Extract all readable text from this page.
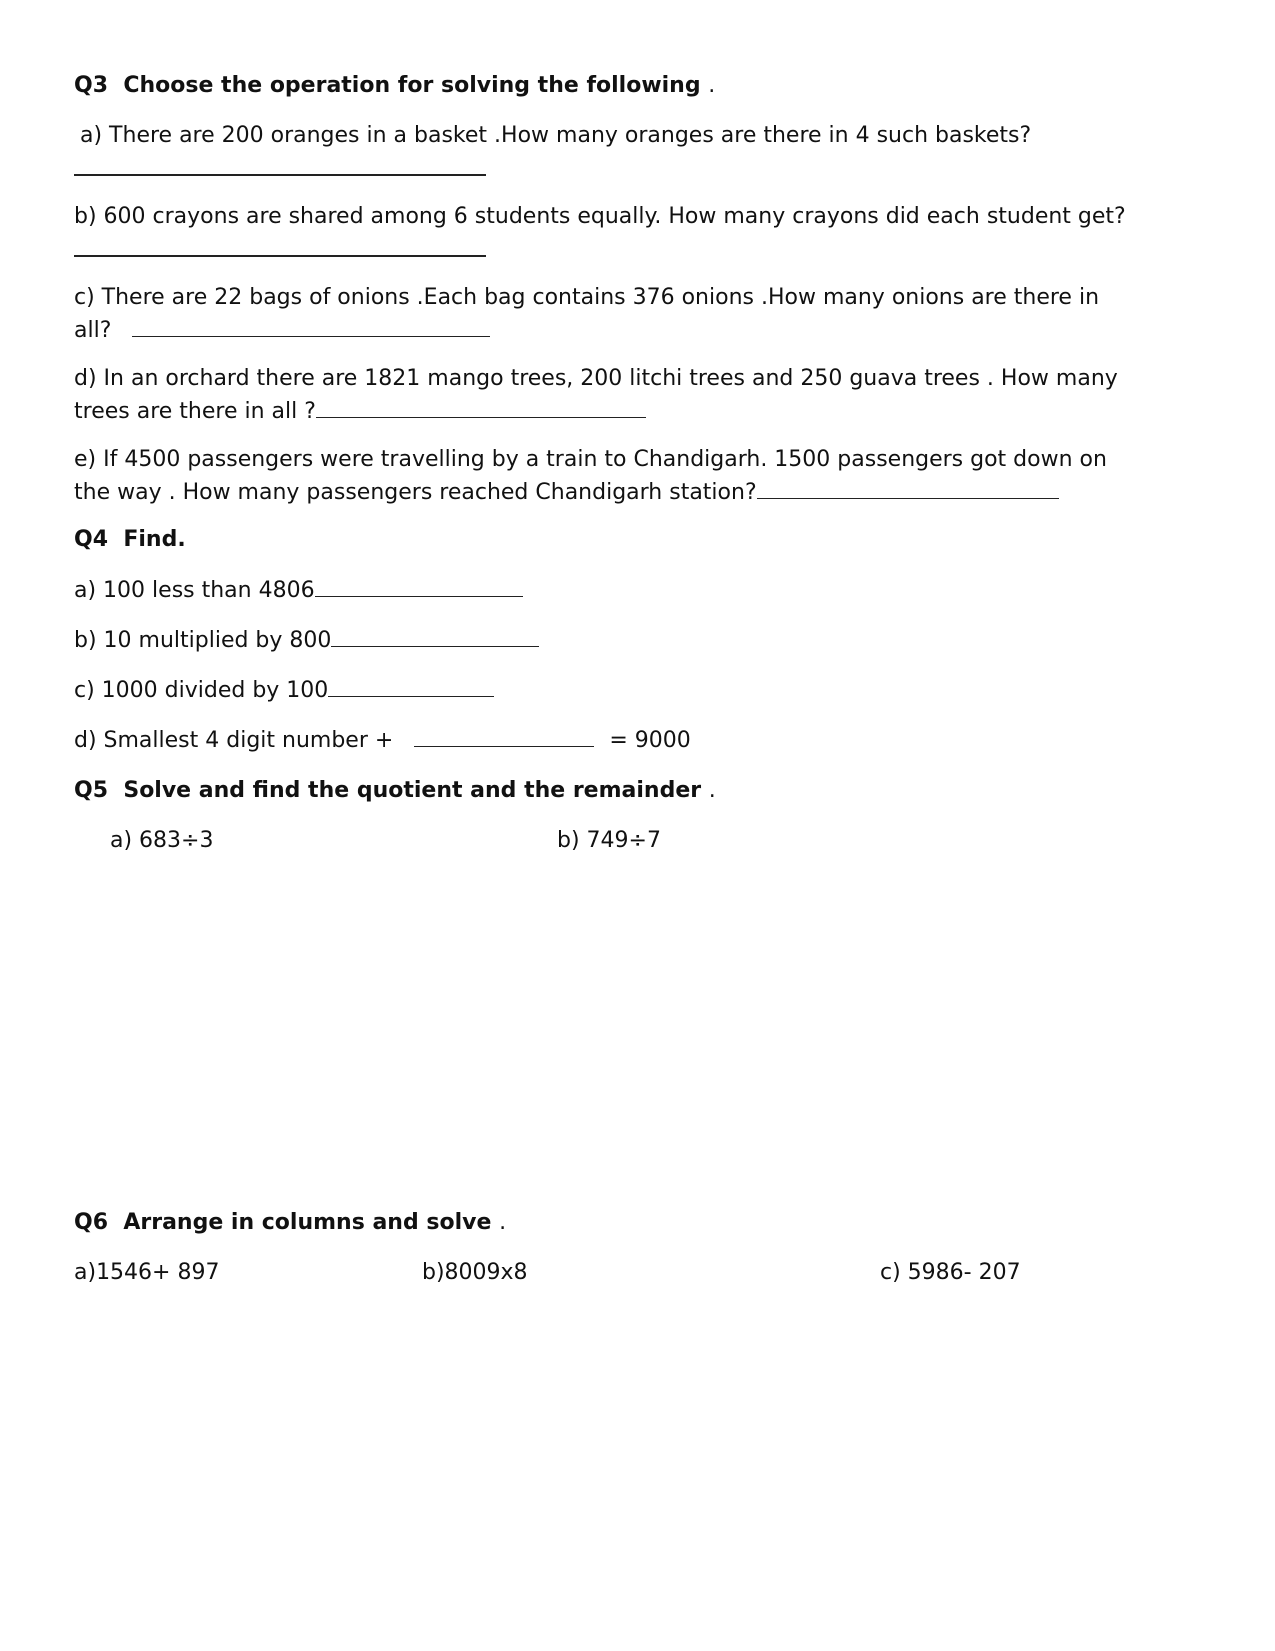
Q3 Choose the operation for solving the following .
a) There are 200 oranges in a basket .How many oranges are there in 4 such baskets?
b) 600 crayons are shared among 6 students equally. How many crayons did each student get?
c) There are 22 bags of onions .Each bag contains 376 onions .How many onions are there in
all?
d) In an orchard there are 1821 mango trees, 200 litchi trees and 250 guava trees . How many
trees are there in all ?
e) If 4500 passengers were travelling by a train to Chandigarh. 1500 passengers got down on
the way . How many passengers reached Chandigarh station?
Q4 Find.
a) 100 less than 4806
b) 10 multiplied by 800
c) 1000 divided by 100
d) Smallest 4 digit number +	= 9000
Q5 Solve and find the quotient and the remainder .
a) 683÷3	b) 749÷7
Q6 Arrange in columns and solve .
a)1546+ 897	b)8009x8	c) 5986- 207
